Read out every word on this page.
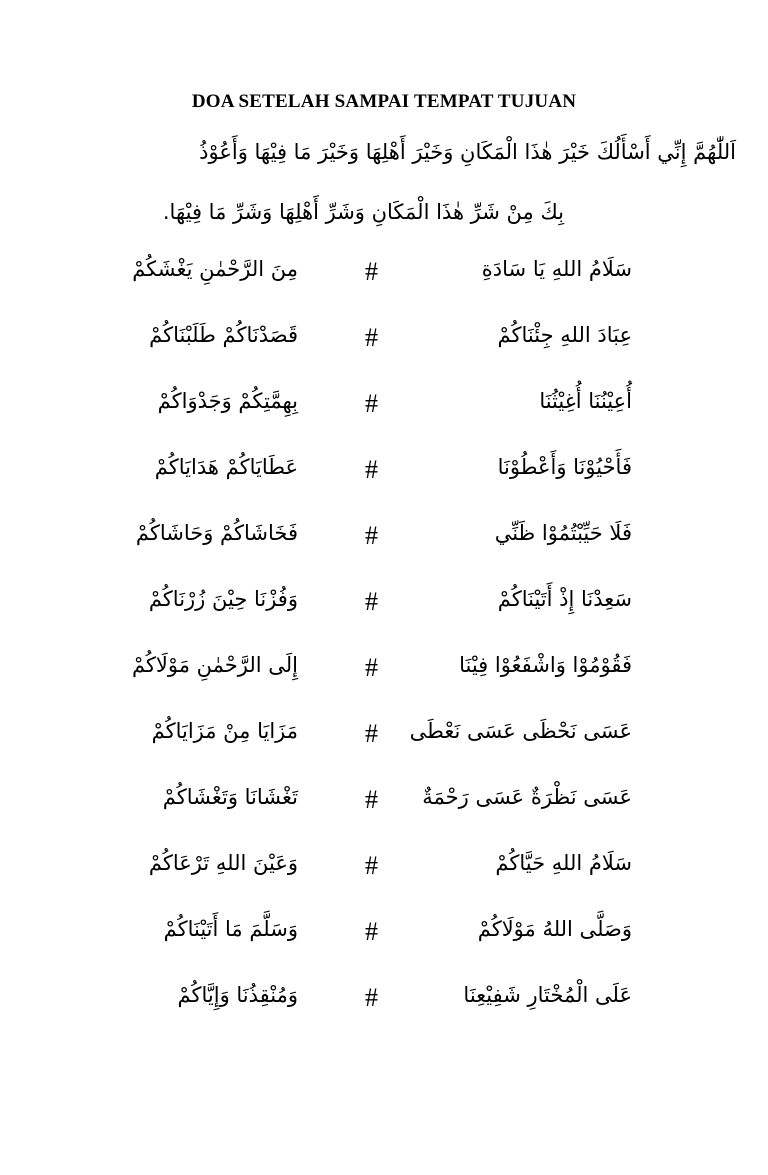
DOA SETELAH SAMPAI TEMPAT TUJUAN
اَللّٰهُمَّ إِنِّي أَسْأَلُكَ خَيْرَ هٰذَا الْمَكَانِ وَخَيْرَ أَهْلِهَا وَخَيْرَ مَا فِيْهَا وَأَعُوْذُ
بِكَ مِنْ شَرِّ هٰذَا الْمَكَانِ وَشَرِّ أَهْلِهَا وَشَرِّ مَا فِيْهَا.
سَلَامُ اللهِ يَا سَادَةِ
#
مِنَ الرَّحْمٰنِ يَغْشَكُمْ
عِبَادَ اللهِ جِئْنَاكُمْ
#
قَصَدْنَاكُمْ طَلَبْنَاكُمْ
أُعِيْنُنَا أُغِيْثُنَا
#
بِهِمَّتِكُمْ وَجَدْوَاكُمْ
فَأَحْيُوْنَا وَأَعْطُوْنَا
#
عَطَايَاكُمْ هَدَايَاكُمْ
فَلَا حَيِّبْتُمُوْا ظَنِّي
#
فَخَاشَاكُمْ وَحَاشَاكُمْ
سَعِدْنَا إِذْ أَتَيْنَاكُمْ
#
وَفُزْنَا حِيْنَ زُرْنَاكُمْ
فَقُوْمُوْا وَاشْفَعُوْا فِيْنَا
#
إِلَى الرَّحْمٰنِ مَوْلَاكُمْ
عَسَى نَحْظَى عَسَى نَعْطَى
#
مَزَايَا مِنْ مَزَايَاكُمْ
عَسَى نَظْرَةٌ عَسَى رَحْمَةٌ
#
تَغْشَانَا وَتَغْشَاكُمْ
سَلَامُ اللهِ حَيَّاكُمْ
#
وَعَيْنَ اللهِ تَرْعَاكُمْ
وَصَلَّى اللهُ مَوْلَاكُمْ
#
وَسَلَّمَ مَا أَتَيْنَاكُمْ
عَلَى الْمُخْتَارِ شَفِيْعِنَا
#
وَمُنْقِذُنَا وَإِيَّاكُمْ
